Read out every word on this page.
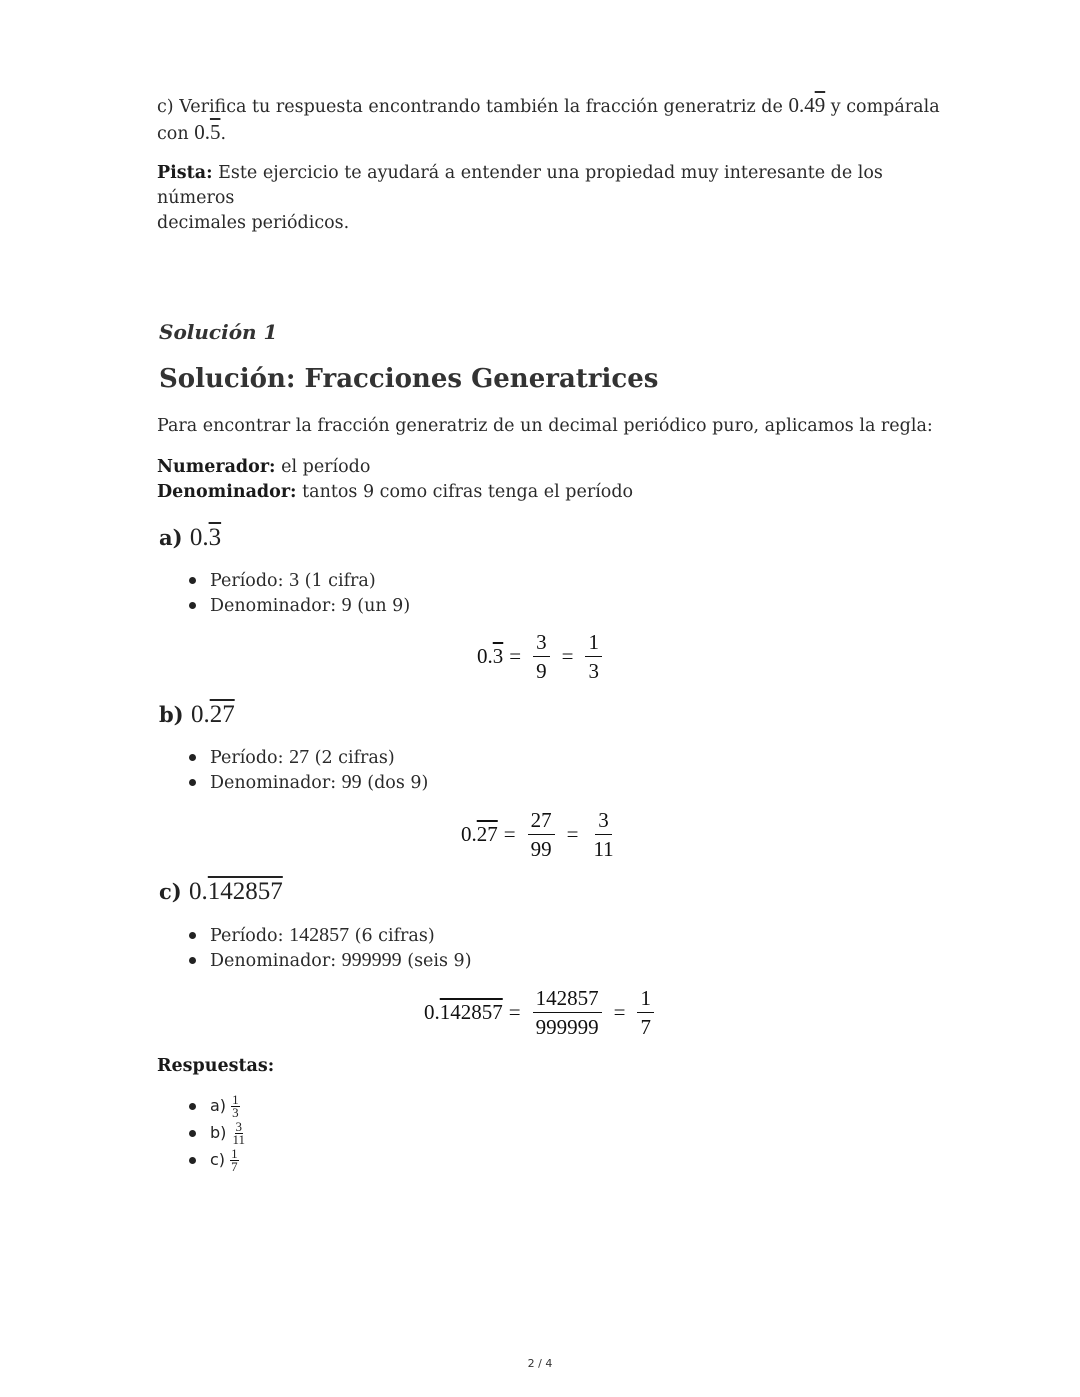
c) Verifica tu respuesta encontrando también la fracción generatriz de 0.49 y compárala
con 0.5.
Pista: Este ejercicio te ayudará a entender una propiedad muy interesante de los números
decimales periódicos.
Solución 1
Solución: Fracciones Generatrices
Para encontrar la fracción generatriz de un decimal periódico puro, aplicamos la regla:
Numerador: el período
Denominador: tantos 9 como cifras tenga el período
a) 0.3
Período: 3 (1 cifra)
Denominador: 9 (un 9)
$0.3 = \frac{3}{9} = \frac{1}{3}$
b) 0.27
Período: 27 (2 cifras)
Denominador: 99 (dos 9)
$0.27 = \frac{27}{99} = \frac{3}{11}$
c) 0.142857
Período: 142857 (6 cifras)
Denominador: 999999 (seis 9)
$0.142857 = \frac{142857}{999999} = \frac{1}{7}$
Respuestas:
$a) \frac{1}{3}$
$b) \frac{3}{11}$
$c) \frac{1}{7}$
2 / 4
